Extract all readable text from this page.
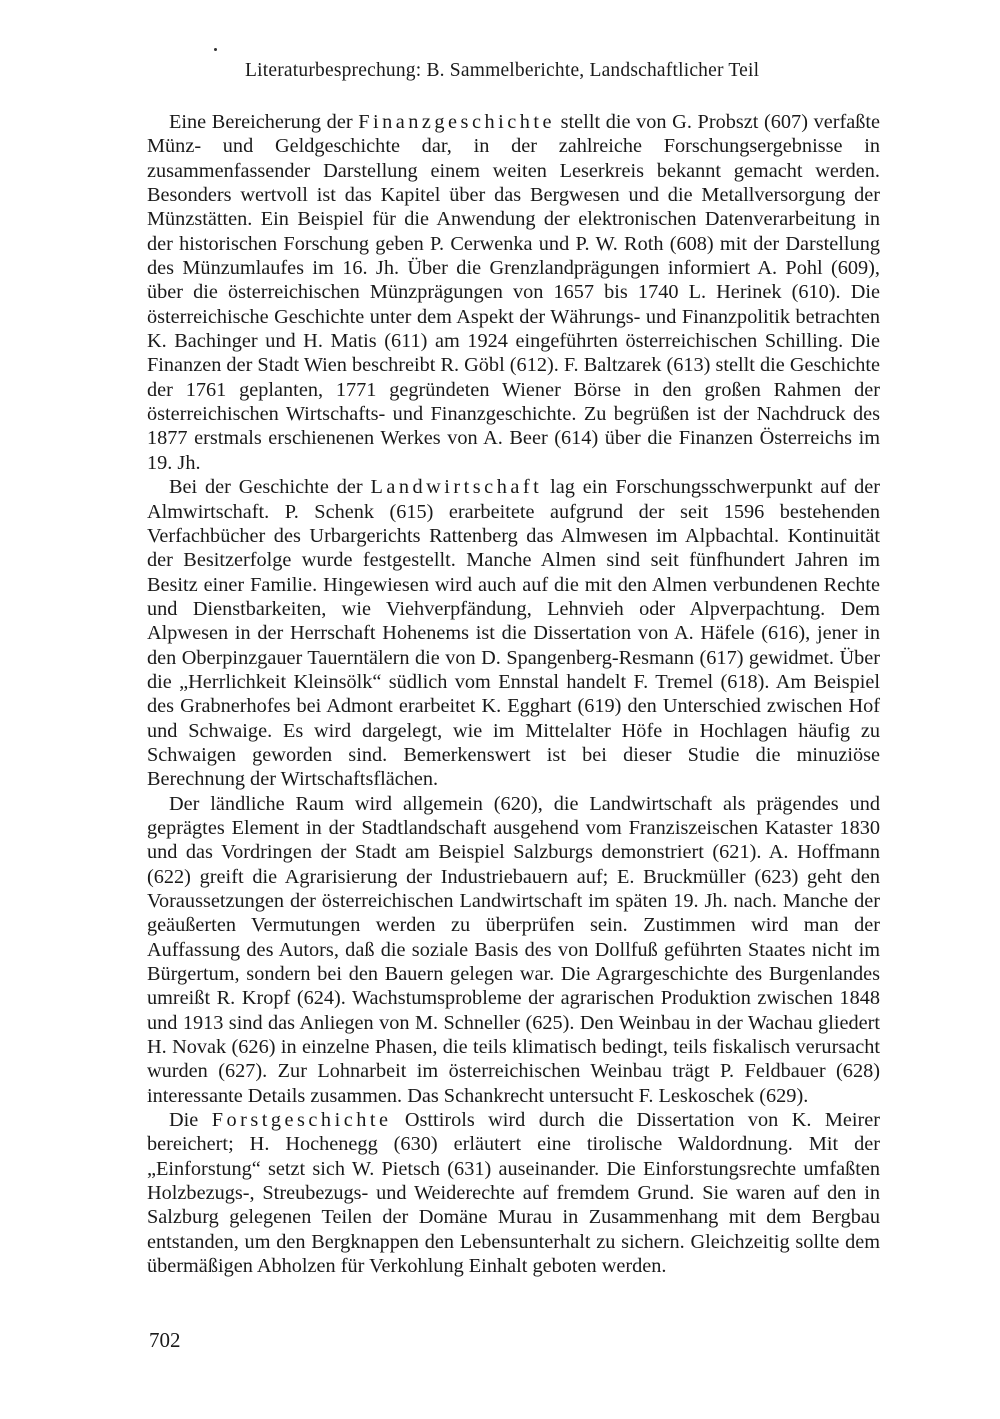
Literaturbesprechung: B. Sammelberichte, Landschaftlicher Teil

Eine Bereicherung der Finanzgeschichte stellt die von G. Probszt (607) verfaßte Münz- und Geldgeschichte dar, in der zahlreiche Forschungsergebnisse in zusammenfassender Darstellung einem weiten Leserkreis bekannt gemacht werden. Besonders wertvoll ist das Kapitel über das Bergwesen und die Metallversorgung der Münzstätten. Ein Beispiel für die Anwendung der elektronischen Datenverarbeitung in der historischen Forschung geben P. Cerwenka und P. W. Roth (608) mit der Darstellung des Münzumlaufes im 16. Jh. Über die Grenzlandprägungen informiert A. Pohl (609), über die österreichischen Münzprägungen von 1657 bis 1740 L. Herinek (610). Die österreichische Geschichte unter dem Aspekt der Währungs- und Finanzpolitik betrachten K. Bachinger und H. Matis (611) am 1924 eingeführten österreichischen Schilling. Die Finanzen der Stadt Wien beschreibt R. Göbl (612). F. Baltzarek (613) stellt die Geschichte der 1761 geplanten, 1771 gegründeten Wiener Börse in den großen Rahmen der österreichischen Wirtschafts- und Finanzgeschichte. Zu begrüßen ist der Nachdruck des 1877 erstmals erschienenen Werkes von A. Beer (614) über die Finanzen Österreichs im 19. Jh.

Bei der Geschichte der Landwirtschaft lag ein Forschungsschwerpunkt auf der Almwirtschaft. P. Schenk (615) erarbeitete aufgrund der seit 1596 bestehenden Verfachbücher des Urbargerichts Rattenberg das Almwesen im Alpbachtal. Kontinuität der Besitzerfolge wurde festgestellt. Manche Almen sind seit fünfhundert Jahren im Besitz einer Familie. Hingewiesen wird auch auf die mit den Almen verbundenen Rechte und Dienstbarkeiten, wie Viehverpfändung, Lehnvieh oder Alpverpachtung. Dem Alpwesen in der Herrschaft Hohenems ist die Dissertation von A. Häfele (616), jener in den Oberpinzgauer Tauerntälern die von D. Spangenberg-Resmann (617) gewidmet. Über die „Herrlichkeit Kleinsölk“ südlich vom Ennstal handelt F. Tremel (618). Am Beispiel des Grabnerhofes bei Admont erarbeitet K. Egghart (619) den Unterschied zwischen Hof und Schwaige. Es wird dargelegt, wie im Mittelalter Höfe in Hochlagen häufig zu Schwaigen geworden sind. Bemerkenswert ist bei dieser Studie die minuziöse Berechnung der Wirtschaftsflächen.

Der ländliche Raum wird allgemein (620), die Landwirtschaft als prägendes und geprägtes Element in der Stadtlandschaft ausgehend vom Franziszeischen Kataster 1830 und das Vordringen der Stadt am Beispiel Salzburgs demonstriert (621). A. Hoffmann (622) greift die Agrarisierung der Industriebauern auf; E. Bruckmüller (623) geht den Voraussetzungen der österreichischen Landwirtschaft im späten 19. Jh. nach. Manche der geäußerten Vermutungen werden zu überprüfen sein. Zustimmen wird man der Auffassung des Autors, daß die soziale Basis des von Dollfuß geführten Staates nicht im Bürgertum, sondern bei den Bauern gelegen war. Die Agrargeschichte des Burgenlandes umreißt R. Kropf (624). Wachstumsprobleme der agrarischen Produktion zwischen 1848 und 1913 sind das Anliegen von M. Schneller (625). Den Weinbau in der Wachau gliedert H. Novak (626) in einzelne Phasen, die teils klimatisch bedingt, teils fiskalisch verursacht wurden (627). Zur Lohnarbeit im österreichischen Weinbau trägt P. Feldbauer (628) interessante Details zusammen. Das Schankrecht untersucht F. Leskoschek (629).

Die Forstgeschichte Osttirols wird durch die Dissertation von K. Meirer bereichert; H. Hochenegg (630) erläutert eine tirolische Waldordnung. Mit der „Einforstung“ setzt sich W. Pietsch (631) auseinander. Die Einforstungsrechte umfaßten Holzbezugs-, Streubezugs- und Weiderechte auf fremdem Grund. Sie waren auf den in Salzburg gelegenen Teilen der Domäne Murau in Zusammenhang mit dem Bergbau entstanden, um den Bergknappen den Lebensunterhalt zu sichern. Gleichzeitig sollte dem übermäßigen Abholzen für Verkohlung Einhalt geboten werden.

702
